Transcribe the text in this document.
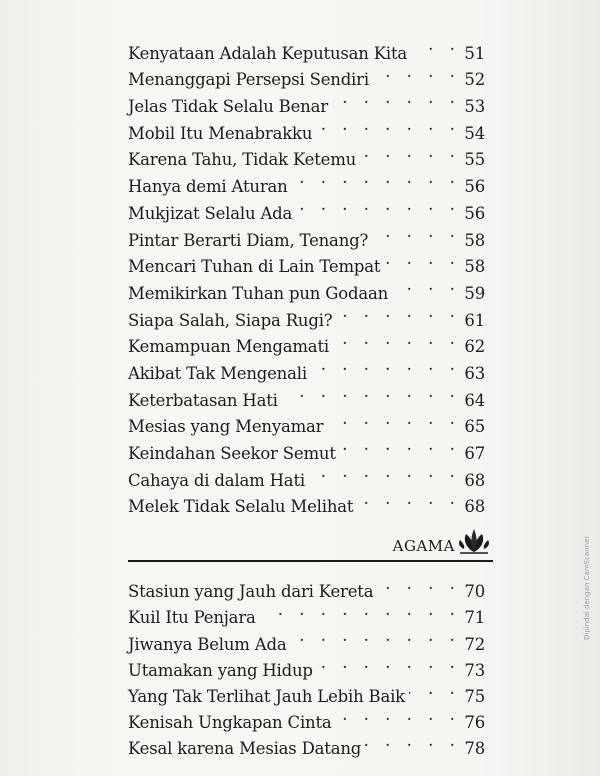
Kenyataan Adalah Keputusan Kita . . .	51
Menanggapi Persepsi Sendiri . . .	52
Jelas Tidak Selalu Benar . . .	53
Mobil Itu Menabrakku . . .	54
Karena Tahu, Tidak Ketemu . . .	55
Hanya demi Aturan . . .	56
Mukjizat Selalu Ada . . .	56
Pintar Berarti Diam, Tenang? . . .	58
Mencari Tuhan di Lain Tempat . . .	58
Memikirkan Tuhan pun Godaan . . .	59
Siapa Salah, Siapa Rugi? . . .	61
Kemampuan Mengamati . . .	62
Akibat Tak Mengenali . . .	63
Keterbatasan Hati . . .	64
Mesias yang Menyamar . . .	65
Keindahan Seekor Semut . . .	67
Cahaya di dalam Hati . . .	68
Melek Tidak Selalu Melihat . . .	68
AGAMA
Stasiun yang Jauh dari Kereta . . .	70
Kuil Itu Penjara . . .	71
Jiwanya Belum Ada . . .	72
Utamakan yang Hidup . . .	73
Yang Tak Terlihat Jauh Lebih Baik . . .	75
Kenisah Ungkapan Cinta . . .	76
Kesal karena Mesias Datang . . .	78
Dipindai dengan CamScanner
